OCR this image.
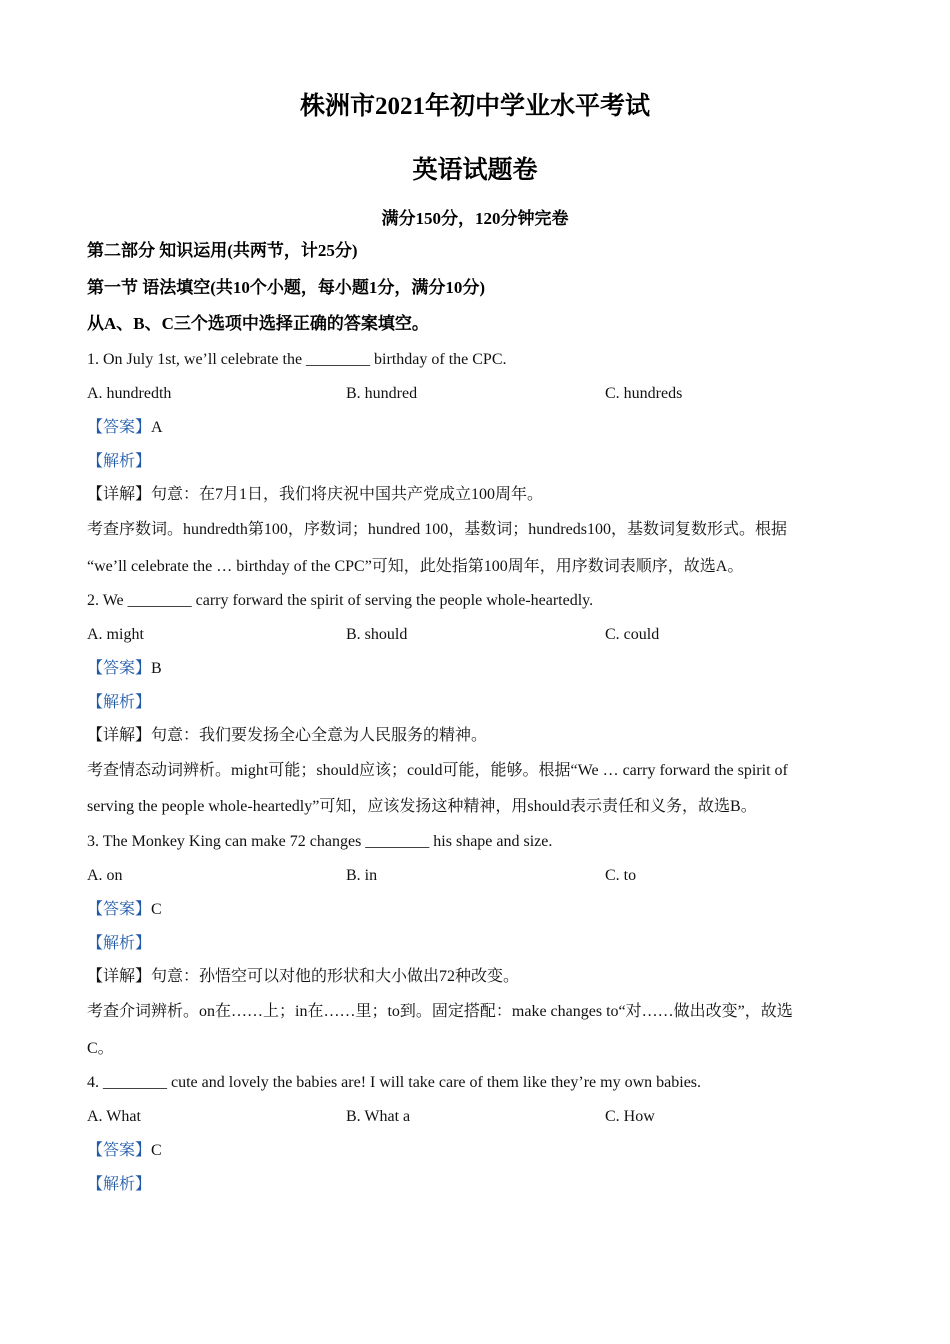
株洲市2021年初中学业水平考试
英语试题卷
满分150分，120分钟完卷
第二部分 知识运用(共两节，计25分)
第一节 语法填空(共10个小题，每小题1分，满分10分)
从A、B、C三个选项中选择正确的答案填空。
1. On July 1st, we’ll celebrate the ________ birthday of the CPC.
A. hundredth	B. hundred	C. hundreds
【答案】A
【解析】
【详解】句意：在7月1日，我们将庆祝中国共产党成立100周年。
考查序数词。hundredth第100，序数词；hundred 100，基数词；hundreds100，基数词复数形式。根据
“we’ll celebrate the … birthday of the CPC”可知，此处指第100周年，用序数词表顺序，故选A。
2. We ________ carry forward the spirit of serving the people whole-heartedly.
A. might	B. should	C. could
【答案】B
【解析】
【详解】句意：我们要发扬全心全意为人民服务的精神。
考查情态动词辨析。might可能；should应该；could可能，能够。根据“We … carry forward the spirit of
serving the people whole-heartedly”可知，应该发扬这种精神，用should表示责任和义务，故选B。
3. The Monkey King can make 72 changes ________ his shape and size.
A. on	B. in	C. to
【答案】C
【解析】
【详解】句意：孙悟空可以对他的形状和大小做出72种改变。
考查介词辨析。on在……上；in在……里；to到。固定搭配：make changes to“对……做出改变”，故选
C。
4. ________ cute and lovely the babies are! I will take care of them like they’re my own babies.
A. What	B. What a	C. How
【答案】C
【解析】
